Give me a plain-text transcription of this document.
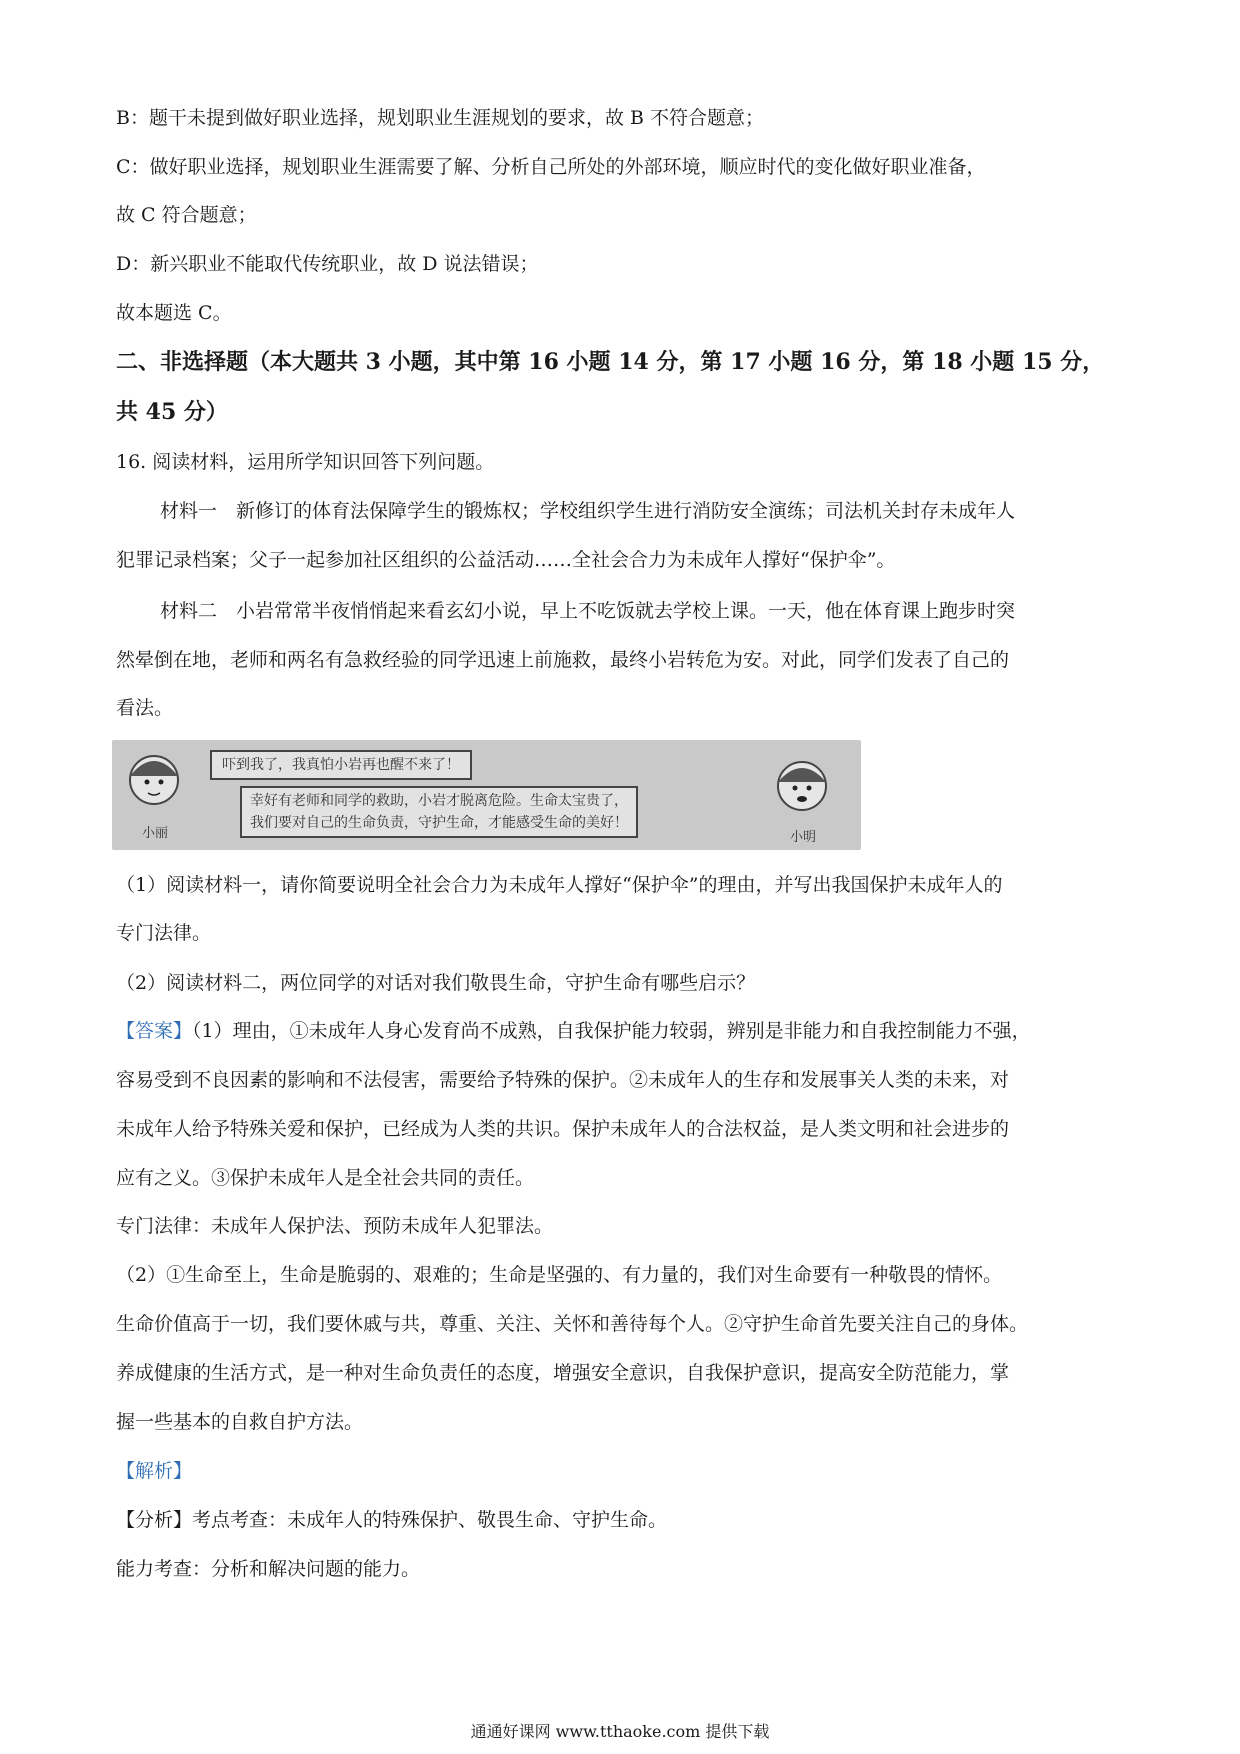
B：题干未提到做好职业选择，规划职业生涯规划的要求，故 B 不符合题意；
C：做好职业选择，规划职业生涯需要了解、分析自己所处的外部环境，顺应时代的变化做好职业准备，
故 C 符合题意；
D：新兴职业不能取代传统职业，故 D 说法错误；
故本题选 C。
二、非选择题（本大题共 3 小题，其中第 16 小题 14 分，第 17 小题 16 分，第 18 小题 15 分，
共 45 分）
16. 阅读材料，运用所学知识回答下列问题。
材料一　新修订的体育法保障学生的锻炼权；学校组织学生进行消防安全演练；司法机关封存未成年人
犯罪记录档案；父子一起参加社区组织的公益活动……全社会合力为未成年人撑好“保护伞”。
材料二　小岩常常半夜悄悄起来看玄幻小说，早上不吃饭就去学校上课。一天，他在体育课上跑步时突
然晕倒在地，老师和两名有急救经验的同学迅速上前施救，最终小岩转危为安。对此，同学们发表了自己的
看法。
小丽	小明
吓到我了，我真怕小岩再也醒不来了！
幸好有老师和同学的救助，小岩才脱离危险。生命太宝贵了，
我们要对自己的生命负责，守护生命，才能感受生命的美好！
（1）阅读材料一，请你简要说明全社会合力为未成年人撑好“保护伞”的理由，并写出我国保护未成年人的
专门法律。
（2）阅读材料二，两位同学的对话对我们敬畏生命，守护生命有哪些启示？
【答案】（1）理由，①未成年人身心发育尚不成熟，自我保护能力较弱，辨别是非能力和自我控制能力不强，
容易受到不良因素的影响和不法侵害，需要给予特殊的保护。②未成年人的生存和发展事关人类的未来，对
未成年人给予特殊关爱和保护，已经成为人类的共识。保护未成年人的合法权益，是人类文明和社会进步的
应有之义。③保护未成年人是全社会共同的责任。
专门法律：未成年人保护法、预防未成年人犯罪法。
（2）①生命至上，生命是脆弱的、艰难的；生命是坚强的、有力量的，我们对生命要有一种敬畏的情怀。
生命价值高于一切，我们要休戚与共，尊重、关注、关怀和善待每个人。②守护生命首先要关注自己的身体。
养成健康的生活方式，是一种对生命负责任的态度，增强安全意识，自我保护意识，提高安全防范能力，掌
握一些基本的自救自护方法。
【解析】
【分析】考点考查：未成年人的特殊保护、敬畏生命、守护生命。
能力考查：分析和解决问题的能力。
通通好课网 www.tthaoke.com 提供下载
